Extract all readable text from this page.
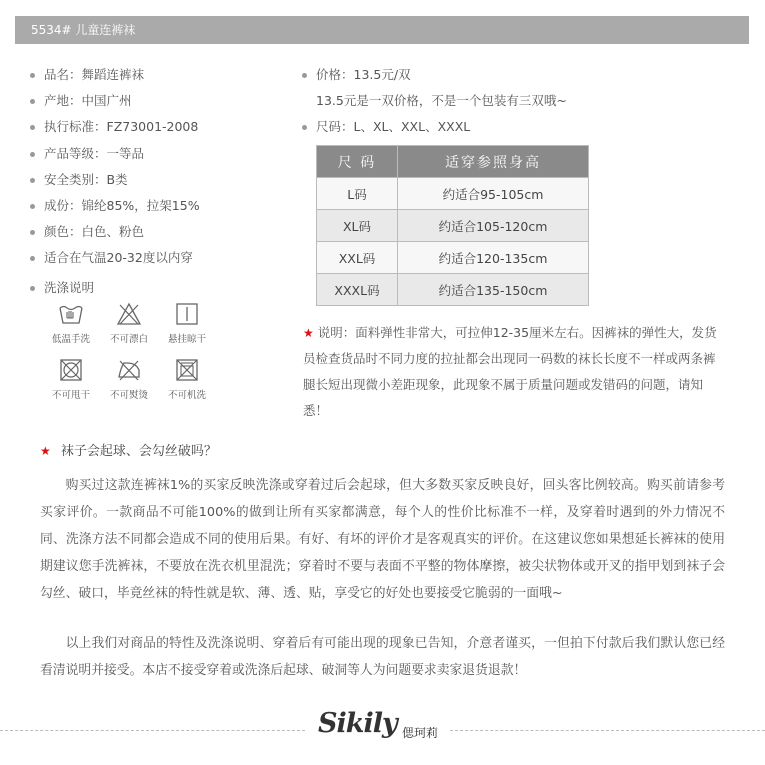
5534# 儿童连裤袜
品名：舞蹈连裤袜
产地：中国广州
执行标准：FZ73001-2008
产品等级：一等品
安全类别：B类
成份：锦纶85%，拉架15%
颜色：白色、粉色
适合在气温20-32度以内穿
洗涤说明
低温手洗	不可漂白	悬挂晾干
不可甩干	不可熨烫	不可机洗
价格：13.5元/双
13.5元是一双价格，不是一个包装有三双哦~
尺码：L、XL、XXL、XXXL
尺 码	适穿参照身高
L码	约适合95-105cm
XL码	约适合105-120cm
XXL码	约适合120-135cm
XXXL码	约适合135-150cm
★ 说明：面料弹性非常大，可拉伸12-35厘米左右。因裤袜的弹性大，发货员检查货品时不同力度的拉扯都会出现同一码数的袜长长度不一样或两条裤腿长短出现微小差距现象，此现象不属于质量问题或发错码的问题，请知悉！
★ 袜子会起球、会勾丝破吗？

购买过这款连裤袜1%的买家反映洗涤或穿着过后会起球，但大多数买家反映良好，回头客比例较高。购买前请参考买家评价。一款商品不可能100%的做到让所有买家都满意，每个人的性价比标准不一样，及穿着时遇到的外力情况不同、洗涤方法不同都会造成不同的使用后果。有好、有坏的评价才是客观真实的评价。在这建议您如果想延长裤袜的使用期建议您手洗裤袜，不要放在洗衣机里混洗；穿着时不要与表面不平整的物体摩擦，被尖状物体或开叉的指甲划到袜子会勾丝、破口，毕竟丝袜的特性就是软、薄、透、贴，享受它的好处也要接受它脆弱的一面哦~

以上我们对商品的特性及洗涤说明、穿着后有可能出现的现象已告知，介意者谨买，一但拍下付款后我们默认您已经看清说明并接受。本店不接受穿着或洗涤后起球、破洞等人为问题要求卖家退货退款！

Sikily 偲珂莉
